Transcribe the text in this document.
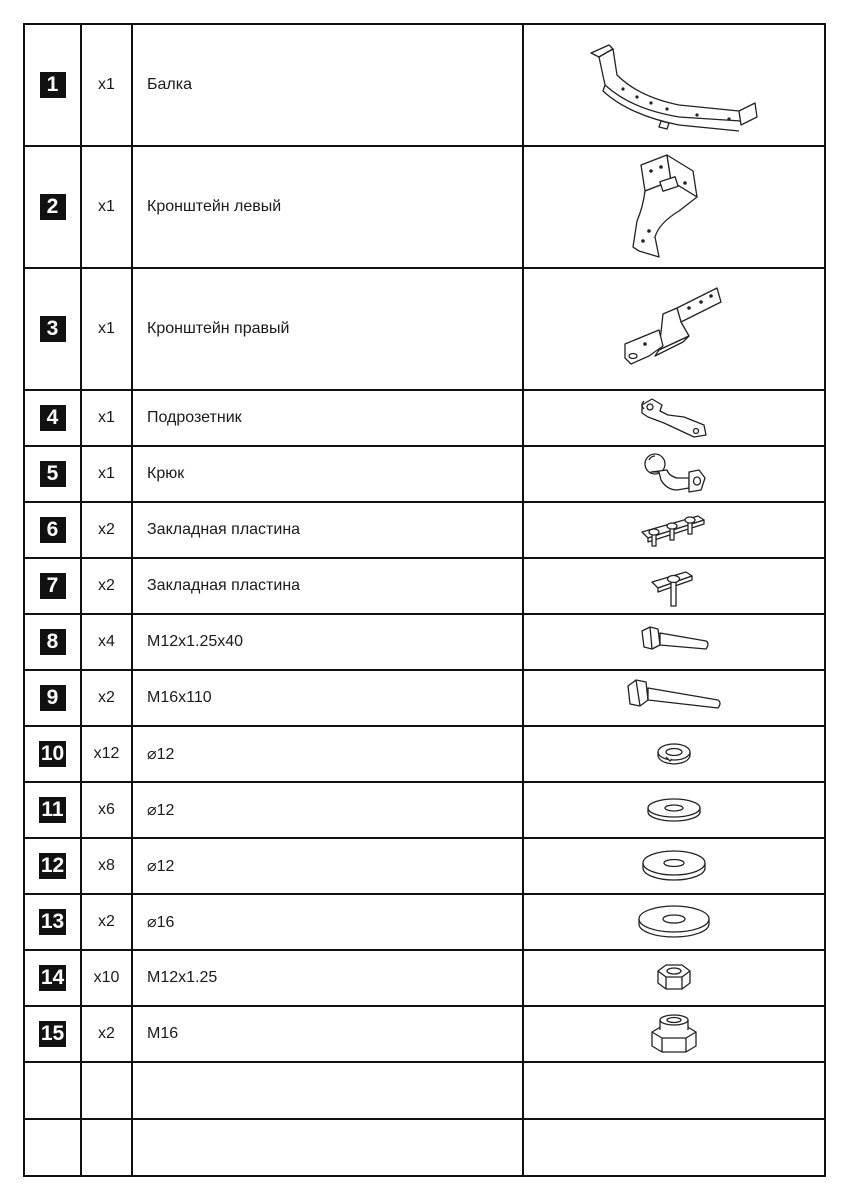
1	x1	Балка	

2	x1	Кронштейн левый	

3	x1	Кронштейн правый	

4	x1	Подрозетник	

5	x1	Крюк	

6	x2	Закладная пластина	

7	x2	Закладная пластина	

8	x4	M12x1.25x40	

9	x2	M16x110	

10	x12	⌀12	

11	x6	⌀12	

12	x8	⌀12	

13	x2	⌀16	

14	x10	M12x1.25	

15	x2	M16	
